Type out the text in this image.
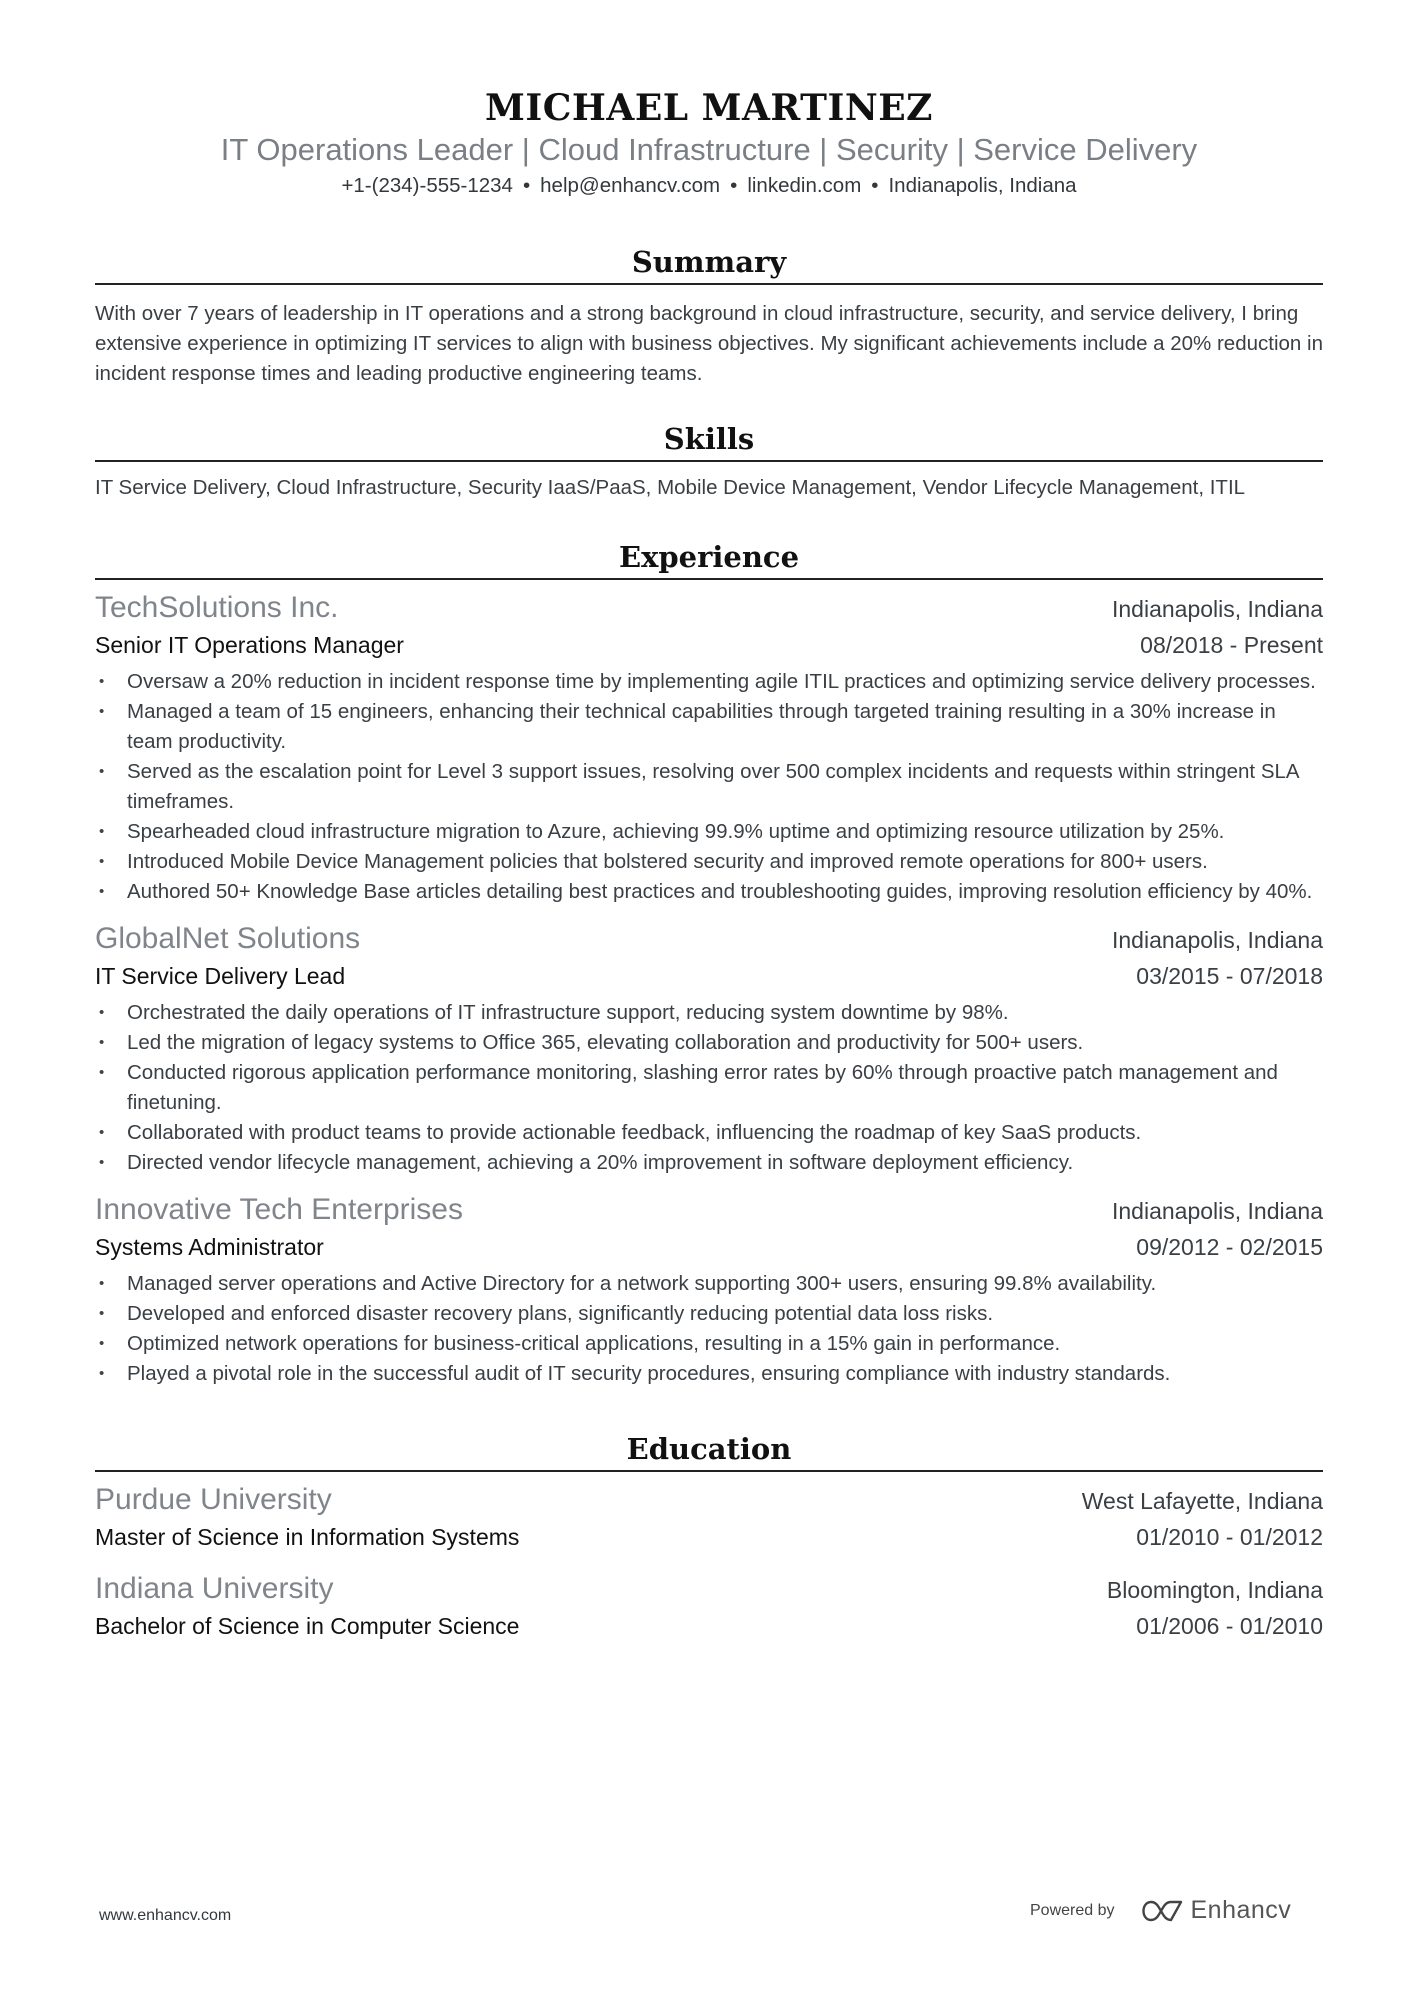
MICHAEL MARTINEZ
IT Operations Leader | Cloud Infrastructure | Security | Service Delivery
+1-(234)-555-1234 • help@enhancv.com • linkedin.com • Indianapolis, Indiana
Summary
With over 7 years of leadership in IT operations and a strong background in cloud infrastructure, security, and service delivery, I bring extensive experience in optimizing IT services to align with business objectives. My significant achievements include a 20% reduction in incident response times and leading productive engineering teams.
Skills
IT Service Delivery, Cloud Infrastructure, Security IaaS/PaaS, Mobile Device Management, Vendor Lifecycle Management, ITIL
Experience
TechSolutions Inc.	Indianapolis, Indiana
Senior IT Operations Manager	08/2018 - Present
• Oversaw a 20% reduction in incident response time by implementing agile ITIL practices and optimizing service delivery processes.
• Managed a team of 15 engineers, enhancing their technical capabilities through targeted training resulting in a 30% increase in team productivity.
• Served as the escalation point for Level 3 support issues, resolving over 500 complex incidents and requests within stringent SLA timeframes.
• Spearheaded cloud infrastructure migration to Azure, achieving 99.9% uptime and optimizing resource utilization by 25%.
• Introduced Mobile Device Management policies that bolstered security and improved remote operations for 800+ users.
• Authored 50+ Knowledge Base articles detailing best practices and troubleshooting guides, improving resolution efficiency by 40%.
GlobalNet Solutions	Indianapolis, Indiana
IT Service Delivery Lead	03/2015 - 07/2018
• Orchestrated the daily operations of IT infrastructure support, reducing system downtime by 98%.
• Led the migration of legacy systems to Office 365, elevating collaboration and productivity for 500+ users.
• Conducted rigorous application performance monitoring, slashing error rates by 60% through proactive patch management and finetuning.
• Collaborated with product teams to provide actionable feedback, influencing the roadmap of key SaaS products.
• Directed vendor lifecycle management, achieving a 20% improvement in software deployment efficiency.
Innovative Tech Enterprises	Indianapolis, Indiana
Systems Administrator	09/2012 - 02/2015
• Managed server operations and Active Directory for a network supporting 300+ users, ensuring 99.8% availability.
• Developed and enforced disaster recovery plans, significantly reducing potential data loss risks.
• Optimized network operations for business-critical applications, resulting in a 15% gain in performance.
• Played a pivotal role in the successful audit of IT security procedures, ensuring compliance with industry standards.
Education
Purdue University	West Lafayette, Indiana
Master of Science in Information Systems	01/2010 - 01/2012
Indiana University	Bloomington, Indiana
Bachelor of Science in Computer Science	01/2006 - 01/2010
www.enhancv.com	Powered by	Enhancv
